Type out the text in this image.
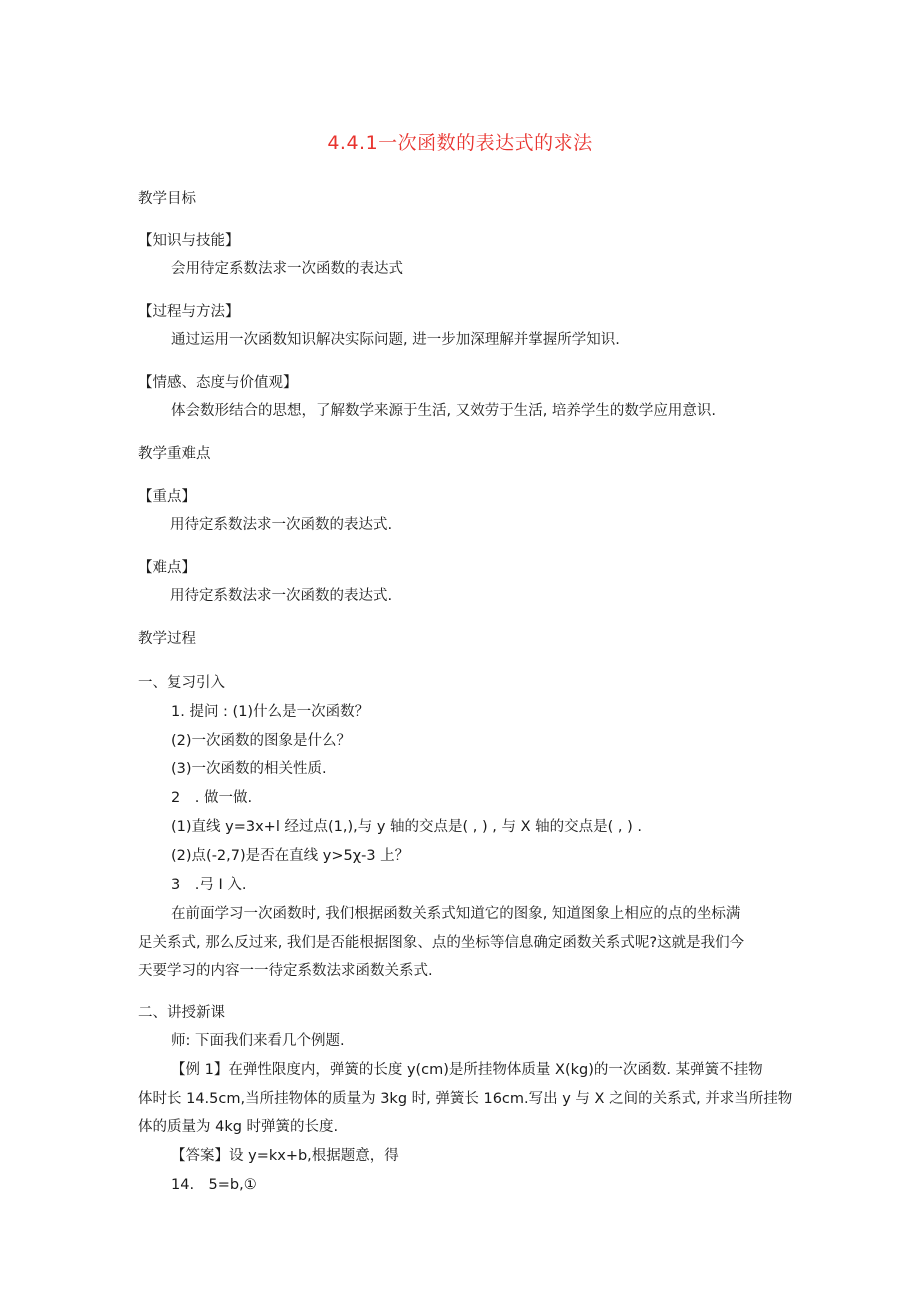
4.4.1一次函数的表达式的求法
教学目标
【知识与技能】
会用待定系数法求一次函数的表达式
【过程与方法】
通过运用一次函数知识解决实际问题, 进一步加深理解并掌握所学知识.
【情感、态度与价值观】
体会数形结合的思想，了解数学来源于生活, 又效劳于生活, 培养学生的数学应用意识.
教学重难点
【重点】
用待定系数法求一次函数的表达式.
【难点】
用待定系数法求一次函数的表达式.
教学过程
一、复习引入
1. 提问 : (1)什么是一次函数？
(2)一次函数的图象是什么？
(3)一次函数的相关性质.
2　. 做一做.
(1)直线 y=3x+l 经过点(1,),与 y 轴的交点是( , ) , 与 X 轴的交点是( , ) .
(2)点(-2,7)是否在直线 y>5χ-3 上？
3　.弓 I 入.
在前面学习一次函数时, 我们根据函数关系式知道它的图象, 知道图象上相应的点的坐标满
足关系式, 那么反过来, 我们是否能根据图象、点的坐标等信息确定函数关系式呢?这就是我们今
天要学习的内容一一待定系数法求函数关系式.
二、讲授新课
师: 下面我们来看几个例题.
【例 1】在弹性限度内，弹簧的长度 y(cm)是所挂物体质量 X(kg)的一次函数. 某弹簧不挂物
体时长 14.5cm,当所挂物体的质量为 3kg 时, 弹簧长 16cm.写出 y 与 X 之间的关系式, 并求当所挂物
体的质量为 4kg 时弹簧的长度.
【答案】设 y=kx+b,根据题意，得
14.　5=b,①
